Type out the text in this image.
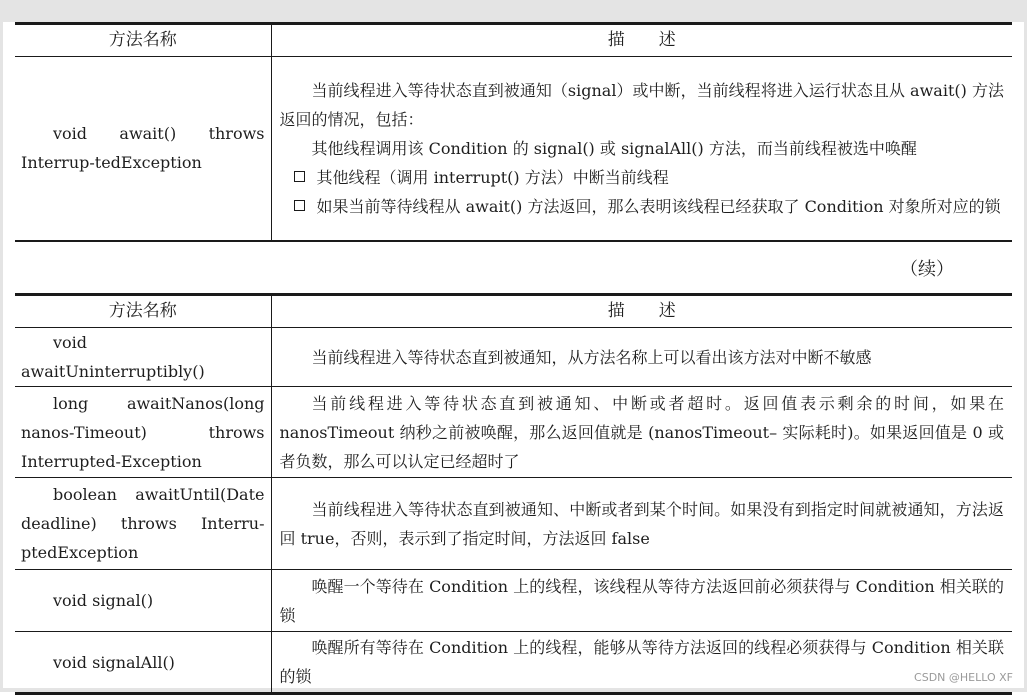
方法名称	描　　述
void await() throws Interrup-tedException	当前线程进入等待状态直到被通知（signal）或中断，当前线程将进入运行状态且从 await() 方法返回的情况，包括：

其他线程调用该 Condition 的 signal() 或 signalAll() 方法，而当前线程被选中唤醒

其他线程（调用 interrupt() 方法）中断当前线程
如果当前等待线程从 await() 方法返回，那么表明该线程已经获取了 Condition 对象所对应的锁
（续）
方法名称	描　　述
void awaitUninterruptibly()	当前线程进入等待状态直到被通知，从方法名称上可以看出该方法对中断不敏感
long awaitNanos(long nanos-Timeout) throws Interrupted-Exception	当前线程进入等待状态直到被通知、中断或者超时。返回值表示剩余的时间，如果在 nanosTimeout 纳秒之前被唤醒，那么返回值就是 (nanosTimeout– 实际耗时)。如果返回值是 0 或者负数，那么可以认定已经超时了
boolean awaitUntil(Date deadline) throws Interru-ptedException	当前线程进入等待状态直到被通知、中断或者到某个时间。如果没有到指定时间就被通知，方法返回 true，否则，表示到了指定时间，方法返回 false
void signal()	唤醒一个等待在 Condition 上的线程，该线程从等待方法返回前必须获得与 Condition 相关联的锁
void signalAll()	唤醒所有等待在 Condition 上的线程，能够从等待方法返回的线程必须获得与 Condition 相关联的锁	CSDN @HELLO XF
